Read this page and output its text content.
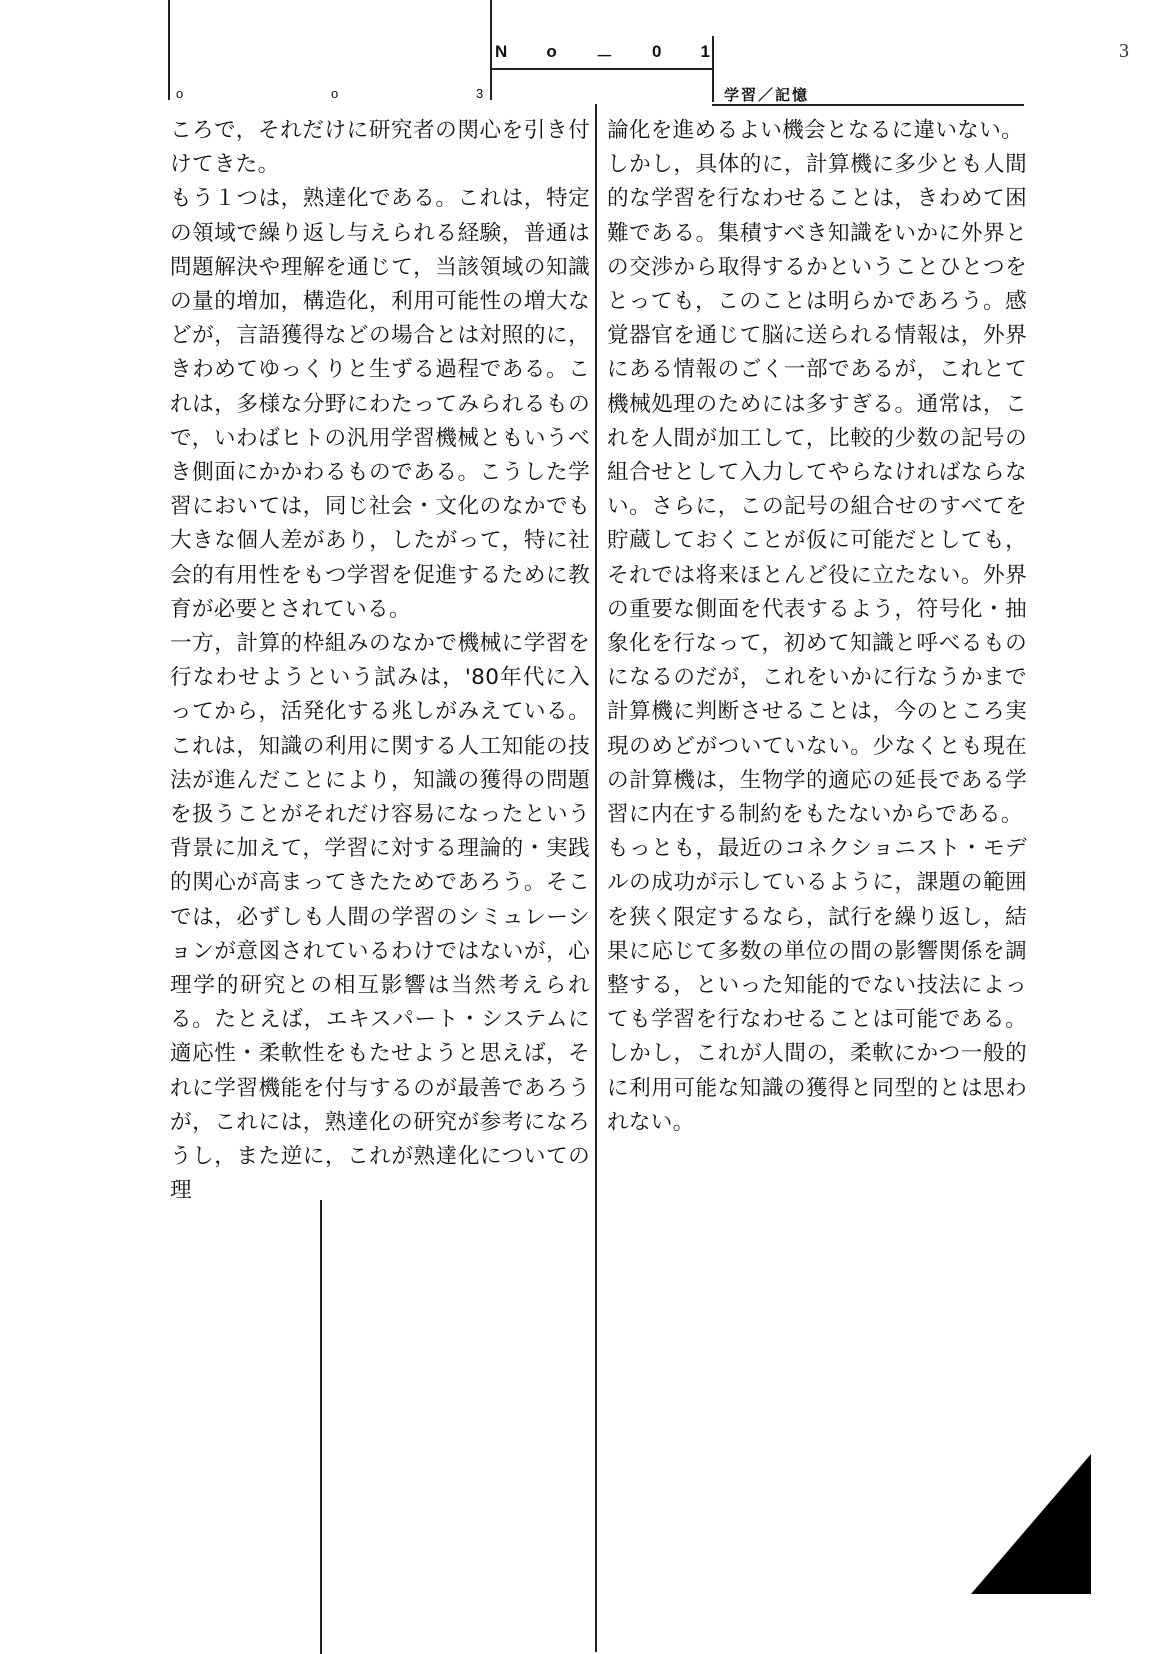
3
N o － 0 1
o	o	3	学習／記憶

ころで，それだけに研究者の関心を引き付けてきた。

もう１つは，熟達化である。これは，特定の領域で繰り返し与えられる経験，普通は問題解決や理解を通じて，当該領域の知識の量的増加，構造化，利用可能性の増大などが，言語獲得などの場合とは対照的に，きわめてゆっくりと生ずる過程である。これは，多様な分野にわたってみられるもので，いわばヒトの汎用学習機械ともいうべき側面にかかわるものである。こうした学習においては，同じ社会・文化のなかでも大きな個人差があり，したがって，特に社会的有用性をもつ学習を促進するために教育が必要とされている。

一方，計算的枠組みのなかで機械に学習を行なわせようという試みは，'80年代に入ってから，活発化する兆しがみえている。これは，知識の利用に関する人工知能の技法が進んだことにより，知識の獲得の問題を扱うことがそれだけ容易になったという背景に加えて，学習に対する理論的・実践的関心が高まってきたためであろう。そこでは，必ずしも人間の学習のシミュレーションが意図されているわけではないが，心理学的研究との相互影響は当然考えられる。たとえば，エキスパート・システムに適応性・柔軟性をもたせようと思えば，それに学習機能を付与するのが最善であろうが，これには，熟達化の研究が参考になろうし，また逆に，これが熟達化についての理

論化を進めるよい機会となるに違いない。

しかし，具体的に，計算機に多少とも人間的な学習を行なわせることは，きわめて困難である。集積すべき知識をいかに外界との交渉から取得するかということひとつをとっても，このことは明らかであろう。感覚器官を通じて脳に送られる情報は，外界にある情報のごく一部であるが，これとて機械処理のためには多すぎる。通常は，これを人間が加工して，比較的少数の記号の組合せとして入力してやらなければならない。さらに，この記号の組合せのすべてを貯蔵しておくことが仮に可能だとしても，それでは将来ほとんど役に立たない。外界の重要な側面を代表するよう，符号化・抽象化を行なって，初めて知識と呼べるものになるのだが，これをいかに行なうかまで計算機に判断させることは，今のところ実現のめどがついていない。少なくとも現在の計算機は，生物学的適応の延長である学習に内在する制約をもたないからである。

もっとも，最近のコネクショニスト・モデルの成功が示しているように，課題の範囲を狭く限定するなら，試行を繰り返し，結果に応じて多数の単位の間の影響関係を調整する，といった知能的でない技法によっても学習を行なわせることは可能である。しかし，これが人間の，柔軟にかつ一般的に利用可能な知識の獲得と同型的とは思われない。
